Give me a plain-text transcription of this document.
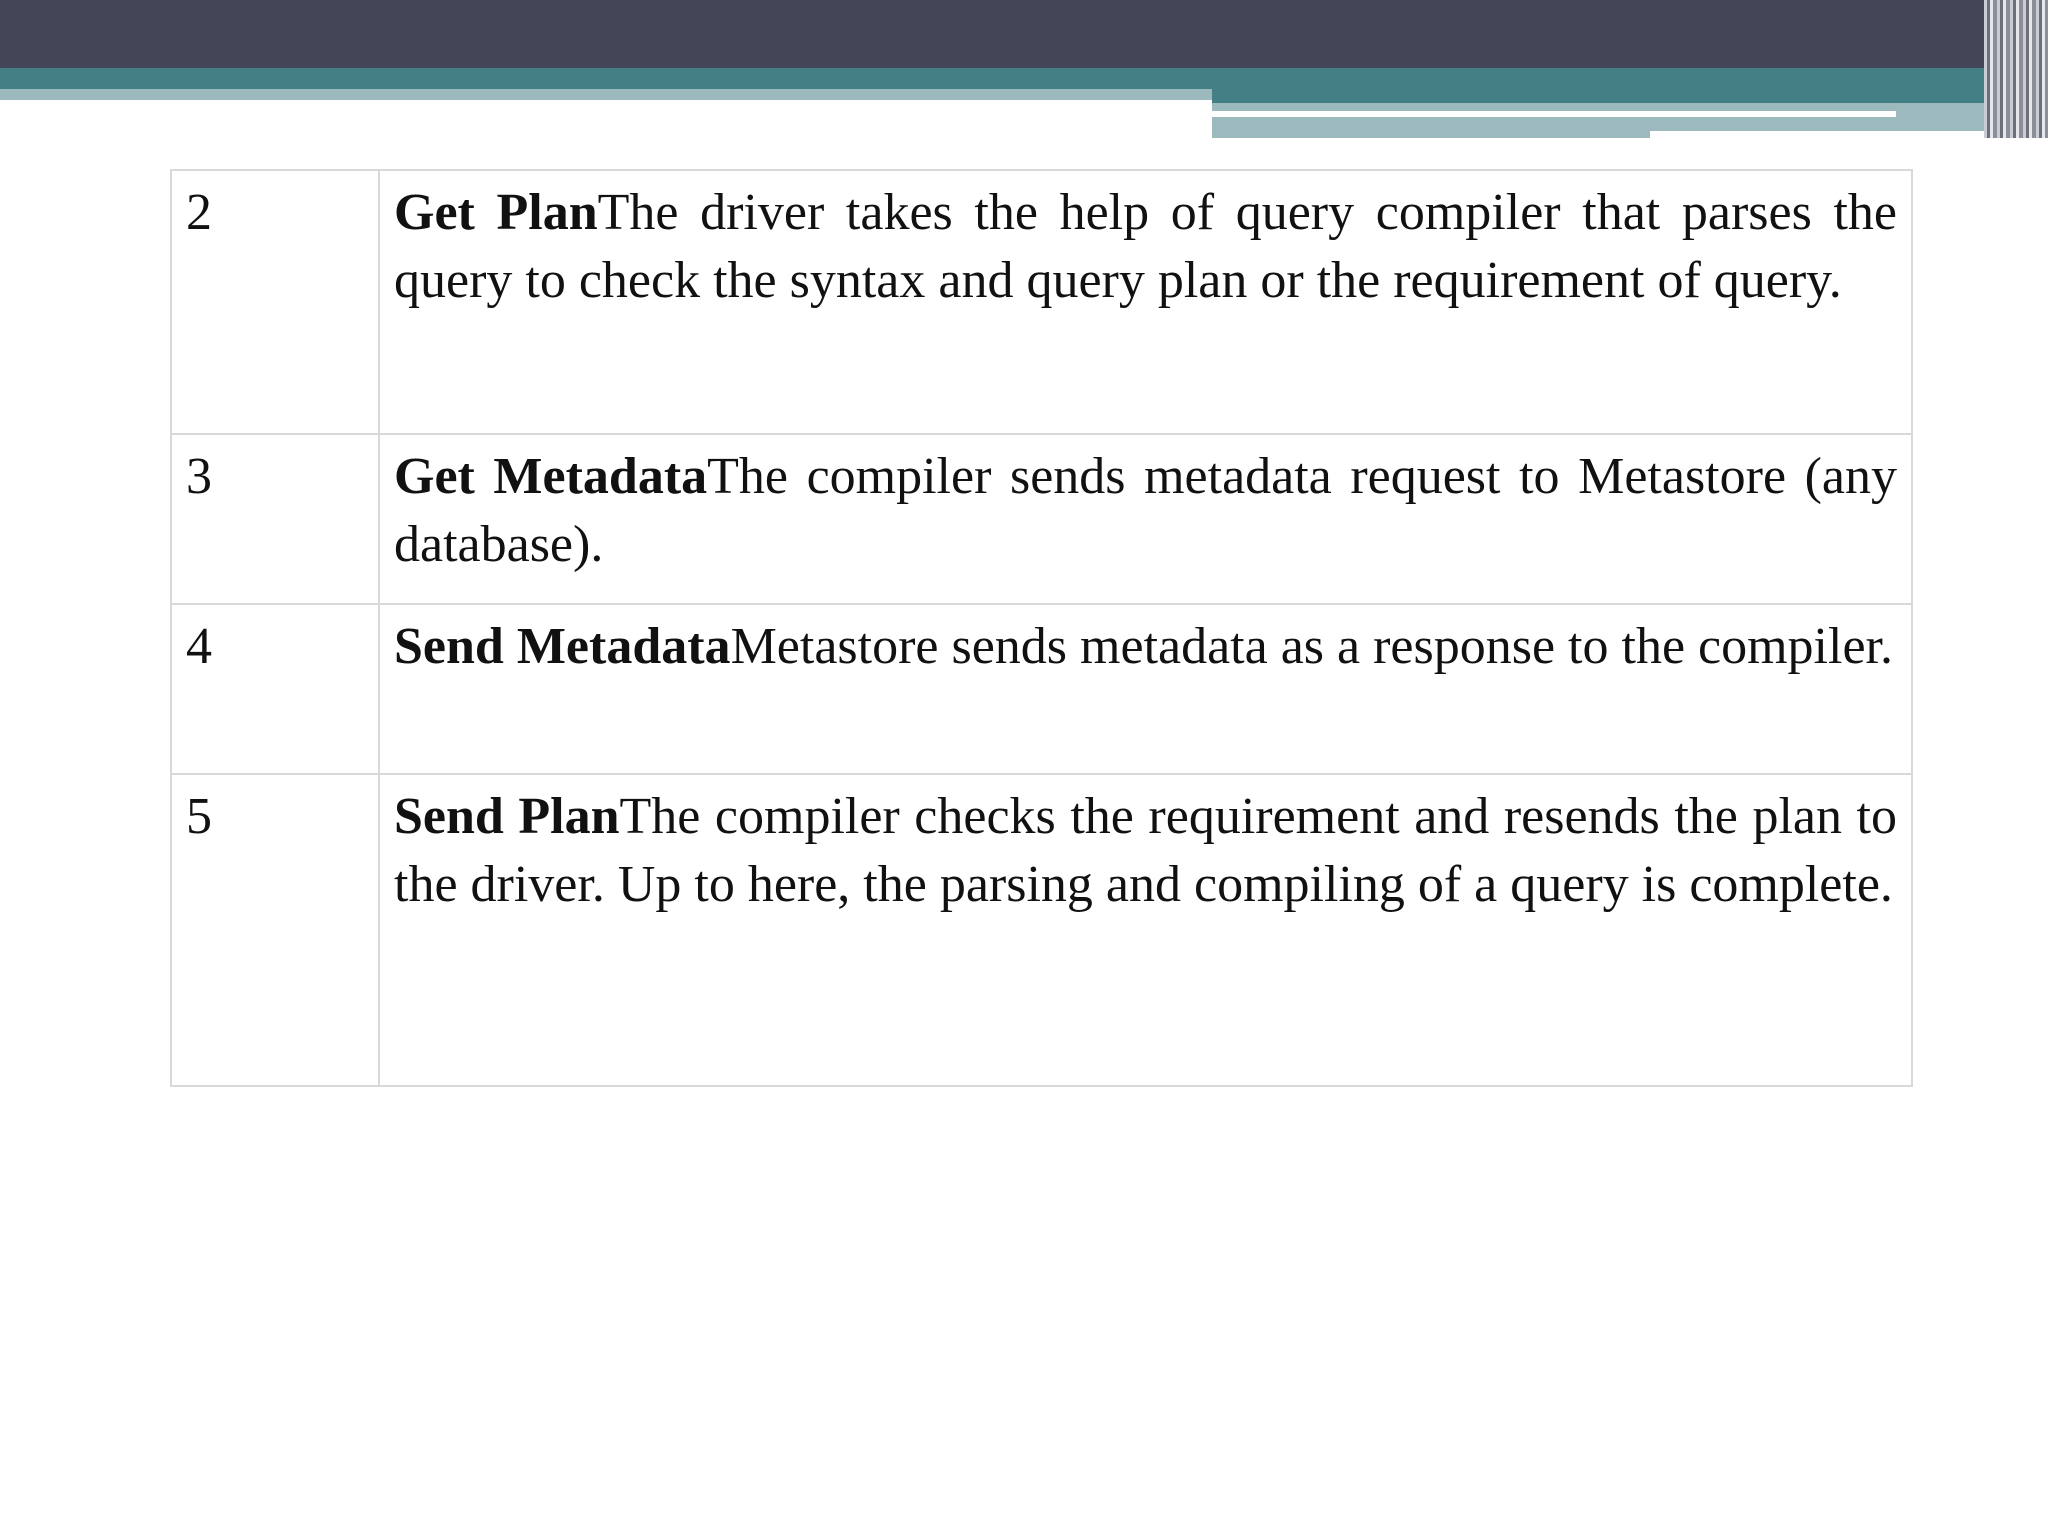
2	Get PlanThe driver takes the help of query compiler that parses the query to check the syntax and query plan or the requirement of query.
3	Get MetadataThe compiler sends metadata request to Metastore (any database).
4	Send MetadataMetastore sends metadata as a response to the compiler.
5	Send PlanThe compiler checks the requirement and resends the plan to the driver. Up to here, the parsing and compiling of a query is complete.
